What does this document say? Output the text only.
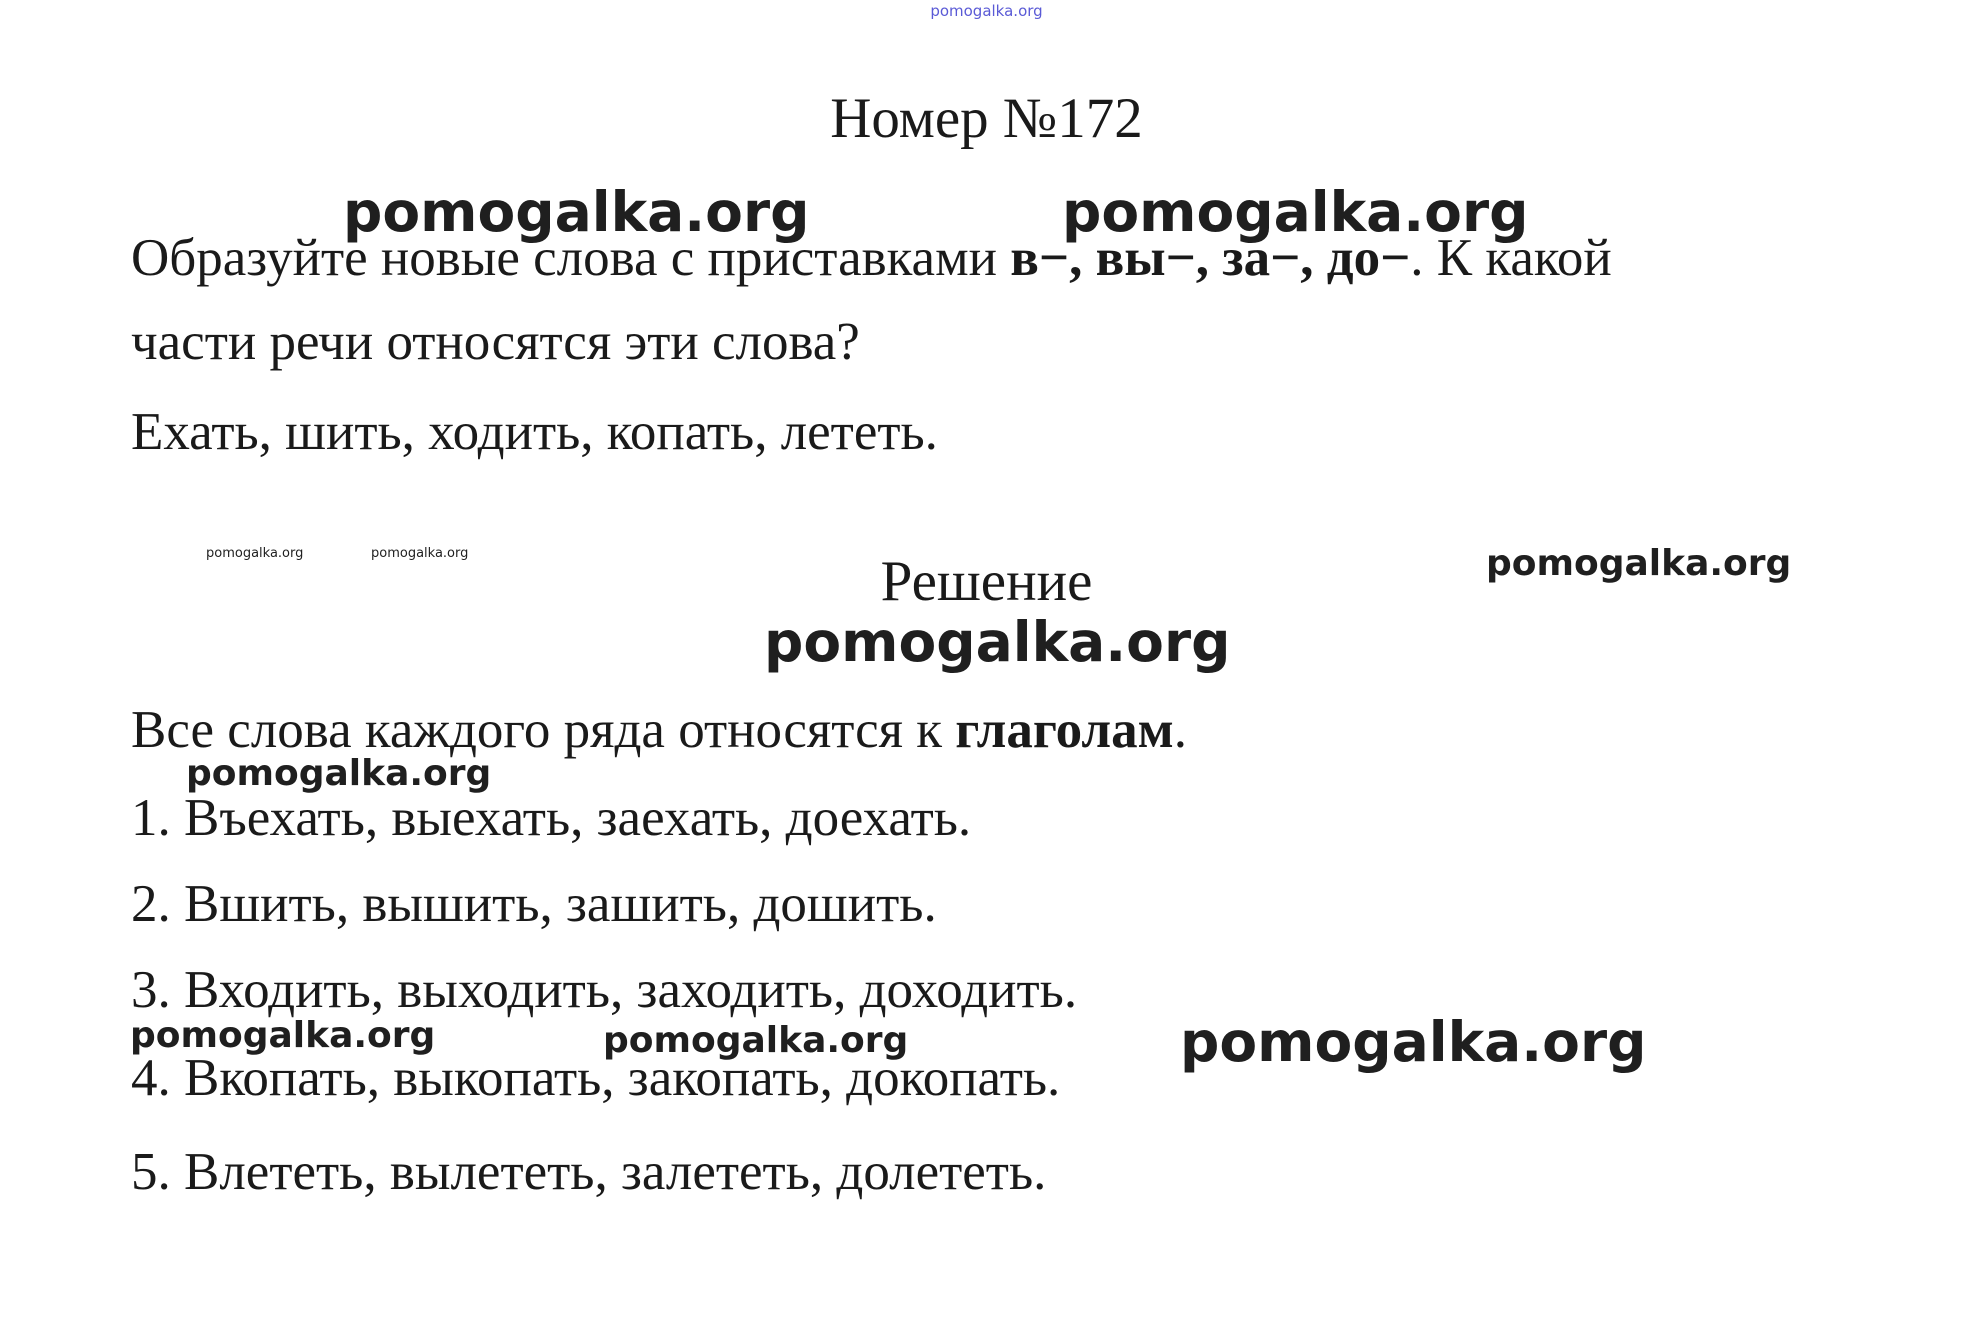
pomogalka.org
Номер №172
Образуйте новые слова с приставками в−, вы−, за−, до−. К какой
части речи относятся эти слова?
Ехать, шить, ходить, копать, лететь.
Решение
Все слова каждого ряда относятся к глаголам.
1. Въехать, выехать, заехать, доехать.
2. Вшить, вышить, зашить, дошить.
3. Входить, выходить, заходить, доходить.
4. Вкопать, выкопать, закопать, докопать.
5. Влететь, вылететь, залететь, долететь.
pomogalka.org	pomogalka.org
pomogalka.org	pomogalka.org	pomogalka.org
pomogalka.org
pomogalka.org
pomogalka.org	pomogalka.org	pomogalka.org
